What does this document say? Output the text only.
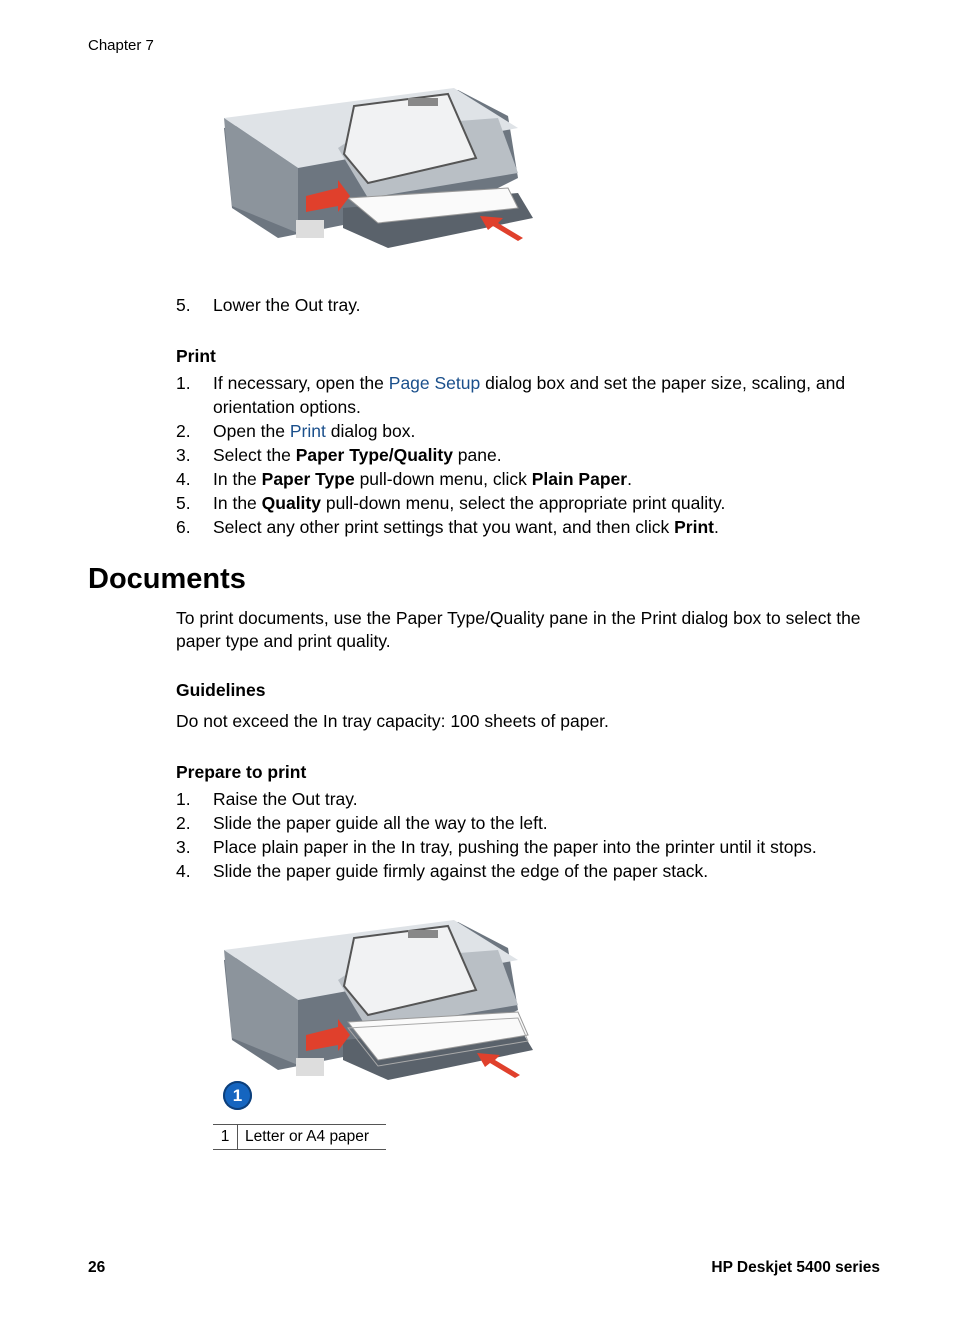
Chapter 7
5. Lower the Out tray.
Print
1. If necessary, open the Page Setup dialog box and set the paper size, scaling, and orientation options.
2. Open the Print dialog box.
3. Select the Paper Type/Quality pane.
4. In the Paper Type pull-down menu, click Plain Paper.
5. In the Quality pull-down menu, select the appropriate print quality.
6. Select any other print settings that you want, and then click Print.
Documents
To print documents, use the Paper Type/Quality pane in the Print dialog box to select the paper type and print quality.
Guidelines
Do not exceed the In tray capacity: 100 sheets of paper.
Prepare to print
1. Raise the Out tray.
2. Slide the paper guide all the way to the left.
3. Place plain paper in the In tray, pushing the paper into the printer until it stops.
4. Slide the paper guide firmly against the edge of the paper stack.
1
1 Letter or A4 paper
26	HP Deskjet 5400 series
